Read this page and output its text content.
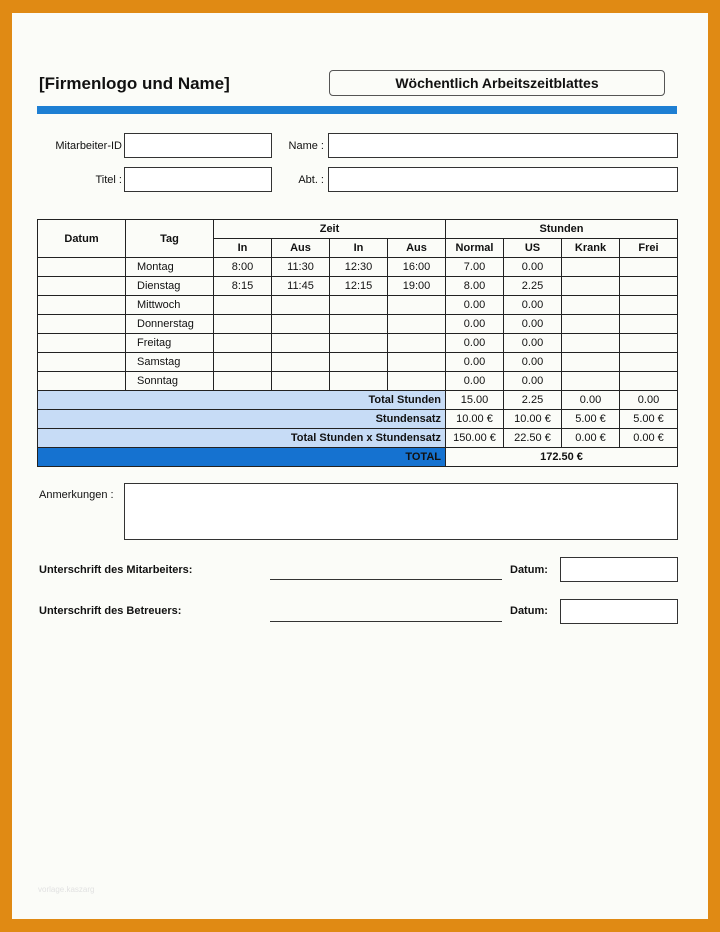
[Firmenlogo und Name]	Wöchentlich Arbeitszeitblattes
Mitarbeiter-ID	Name :
Titel :	Abt. :
Datum	Tag	Zeit				Stunden			
		In	Aus	In	Aus	Normal	US	Krank	Frei
	Montag	8:00	11:30	12:30	16:00	7.00	0.00		
	Dienstag	8:15	11:45	12:15	19:00	8.00	2.25		
	Mittwoch					0.00	0.00		
	Donnerstag					0.00	0.00		
	Freitag					0.00	0.00		
	Samstag					0.00	0.00		
	Sonntag					0.00	0.00		
Total Stunden						15.00	2.25	0.00	0.00
Stundensatz						10.00 €	10.00 €	5.00 €	5.00 €
Total Stunden x Stundensatz						150.00 €	22.50 €	0.00 €	0.00 €
TOTAL						172.50 €			
Anmerkungen :
Unterschrift des Mitarbeiters:	Datum:
Unterschrift des Betreuers:	Datum:
vorlage.kaszarg
